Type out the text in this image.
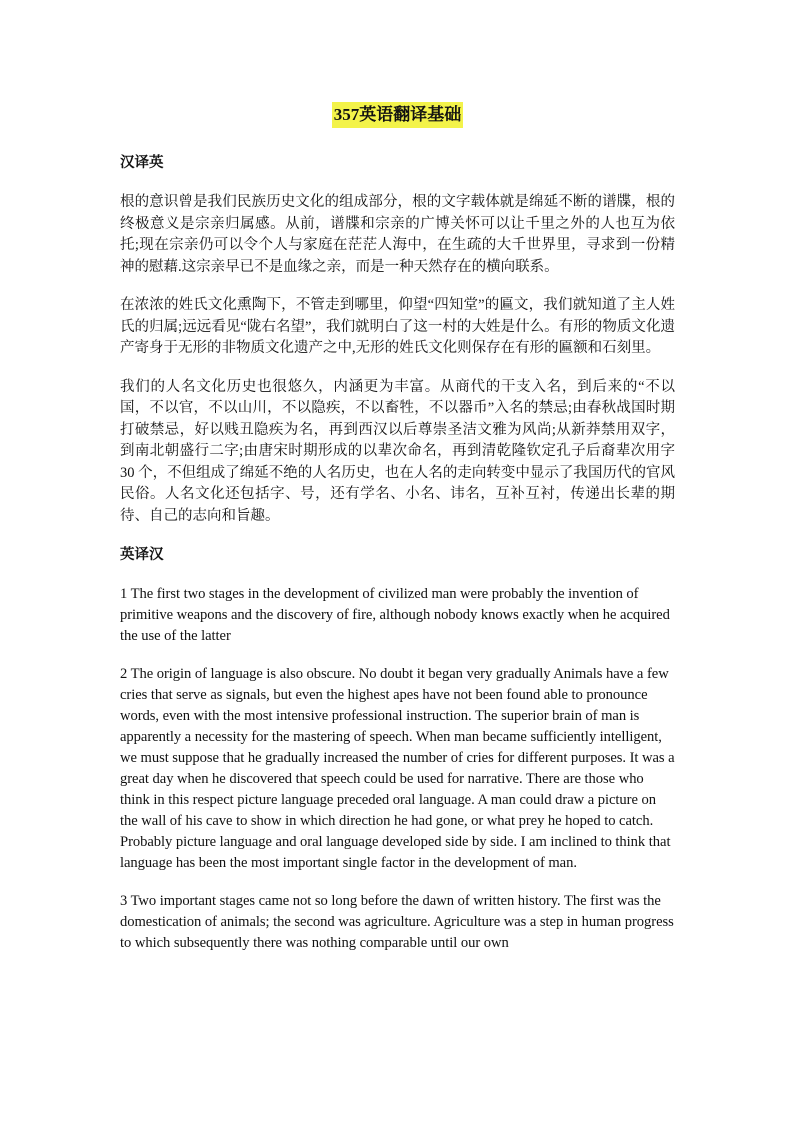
357英语翻译基础
汉译英

根的意识曾是我们民族历史文化的组成部分，根的文字载体就是绵延不断的谱牒，根的终极意义是宗亲归属感。从前，谱牒和宗亲的广博关怀可以让千里之外的人也互为依托;现在宗亲仍可以令个人与家庭在茫茫人海中，在生疏的大千世界里，寻求到一份精神的慰藉.这宗亲早已不是血缘之亲，而是一种天然存在的横向联系。

在浓浓的姓氏文化熏陶下，不管走到哪里，仰望“四知堂”的匾文，我们就知道了主人姓氏的归属;远远看见“陇右名望”，我们就明白了这一村的大姓是什么。有形的物质文化遗产寄身于无形的非物质文化遗产之中,无形的姓氏文化则保存在有形的匾额和石刻里。

我们的人名文化历史也很悠久，内涵更为丰富。从商代的干支入名，到后来的“不以国，不以官，不以山川，不以隐疾，不以畜牲，不以器币”入名的禁忌;由春秋战国时期打破禁忌，好以贱丑隐疾为名，再到西汉以后尊崇圣洁文雅为风尚;从新莽禁用双字，到南北朝盛行二字;由唐宋时期形成的以辈次命名，再到清乾隆钦定孔子后裔辈次用字 30 个，不但组成了绵延不绝的人名历史，也在人名的走向转变中显示了我国历代的官风民俗。人名文化还包括字、号，还有学名、小名、讳名，互补互衬，传递出长辈的期待、自己的志向和旨趣。

英译汉

1 The first two stages in the development of civilized man were probably the invention of primitive weapons and the discovery of fire, although nobody knows exactly when he acquired the use of the latter

2 The origin of language is also obscure. No doubt it began very gradually Animals have a few cries that serve as signals, but even the highest apes have not been found able to pronounce words, even with the most intensive professional instruction. The superior brain of man is apparently a necessity for the mastering of speech. When man became sufficiently intelligent, we must suppose that he gradually increased the number of cries for different purposes. It was a great day when he discovered that speech could be used for narrative. There are those who think in this respect picture language preceded oral language. A man could draw a picture on the wall of his cave to show in which direction he had gone, or what prey he hoped to catch. Probably picture language and oral language developed side by side. I am inclined to think that language has been the most important single factor in the development of man.

3 Two important stages came not so long before the dawn of written history. The first was the domestication of animals; the second was agriculture. Agriculture was a step in human progress to which subsequently there was nothing comparable until our own
